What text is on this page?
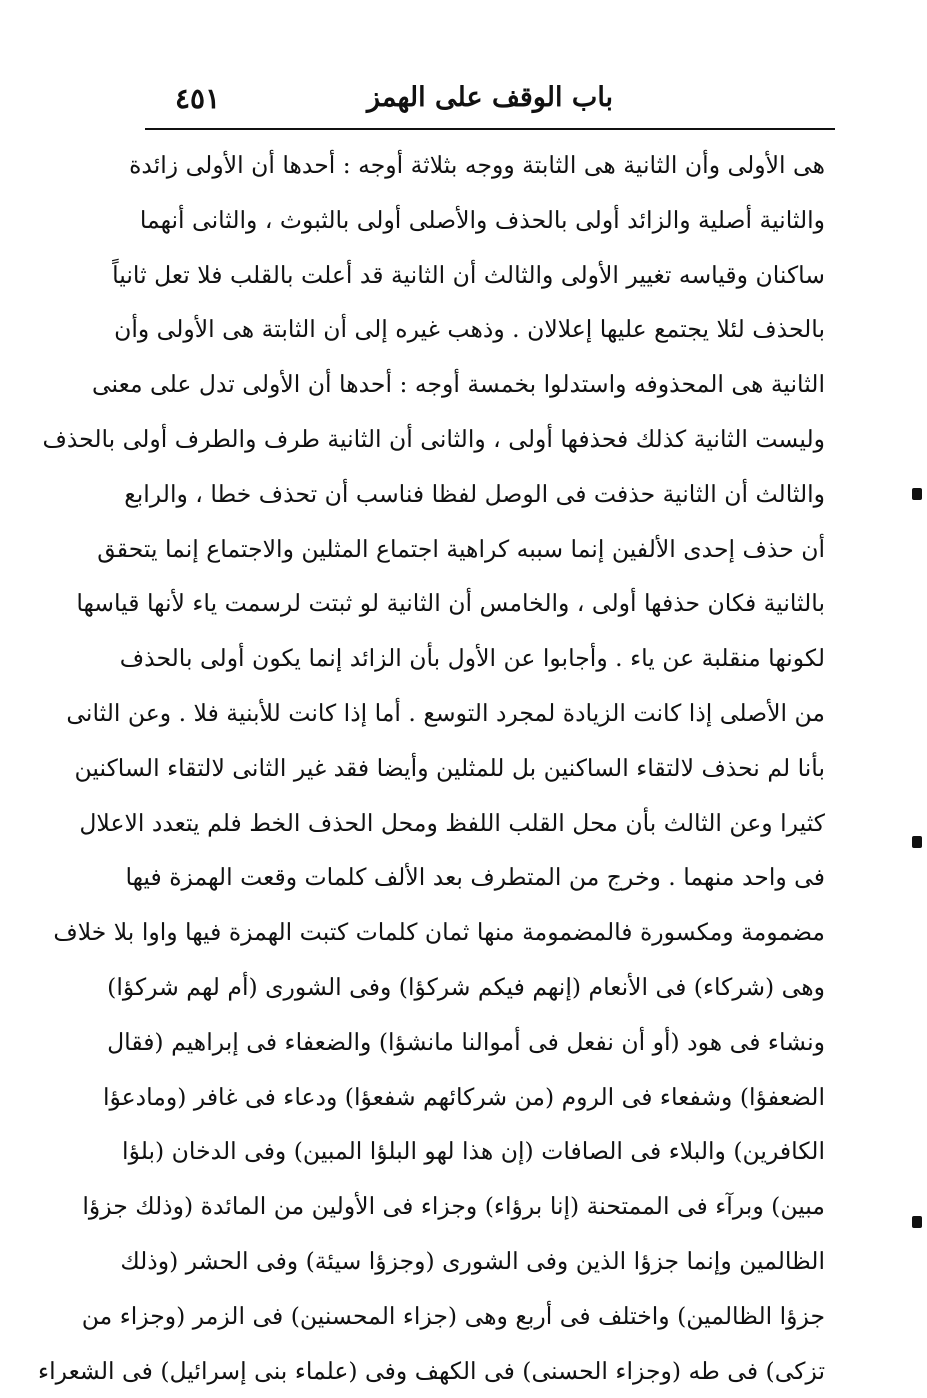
٤٥١	باب الوقف على الهمز
هى الأولى وأن الثانية هى الثابتة ووجه بثلاثة أوجه : أحدها أن الأولى زائدة
والثانية أصلية والزائد أولى بالحذف والأصلى أولى بالثبوث ، والثانى أنهما
ساكنان وقياسه تغيير الأولى والثالث أن الثانية قد أعلت بالقلب فلا تعل ثانياً
بالحذف لئلا يجتمع عليها إعلالان . وذهب غيره إلى أن الثابتة هى الأولى وأن
الثانية هى المحذوفه واستدلوا بخمسة أوجه : أحدها أن الأولى تدل على معنى
وليست الثانية كذلك فحذفها أولى ، والثانى أن الثانية طرف والطرف أولى بالحذف
والثالث أن الثانية حذفت فى الوصل لفظا فناسب أن تحذف خطا ، والرابع
أن حذف إحدى الألفين إنما سببه كراهية اجتماع المثلين والاجتماع إنما يتحقق
بالثانية فكان حذفها أولى ، والخامس أن الثانية لو ثبتت لرسمت ياء لأنها قياسها
لكونها منقلبة عن ياء . وأجابوا عن الأول بأن الزائد إنما يكون أولى بالحذف
من الأصلى إذا كانت الزيادة لمجرد التوسع . أما إذا كانت للأبنية فلا . وعن الثانى
بأنا لم نحذف لالتقاء الساكنين بل للمثلين وأيضا فقد غير الثانى لالتقاء الساكنين
كثيرا وعن الثالث بأن محل القلب اللفظ ومحل الحذف الخط فلم يتعدد الاعلال
فى واحد منهما . وخرج من المتطرف بعد الألف كلمات وقعت الهمزة فيها
مضمومة ومكسورة فالمضمومة منها ثمان كلمات كتبت الهمزة فيها واوا بلا خلاف
وهى (شركاء) فى الأنعام (إنهم فيكم شركؤا) وفى الشورى (أم لهم شركؤا)
ونشاء فى هود (أو أن نفعل فى أموالنا مانشؤا) والضعفاء فى إبراهيم (فقال
الضعفؤا) وشفعاء فى الروم (من شركائهم شفعؤا) ودعاء فى غافر (ومادعؤا
الكافرين) والبلاء فى الصافات (إن هذا لهو البلؤا المبين) وفى الدخان (بلؤا
مبين) وبرآء فى الممتحنة (إنا برؤاء) وجزاء فى الأولين من المائدة (وذلك جزؤا
الظالمين وإنما جزؤا الذين وفى الشورى (وجزؤا سيئة) وفى الحشر (وذلك
جزؤا الظالمين) واختلف فى أربع وهى (جزاء المحسنين) فى الزمر (وجزاء من
تزكى) فى طه (وجزاء الحسنى) فى الكهف وفى (علماء بنى إسرائيل) فى الشعراء
